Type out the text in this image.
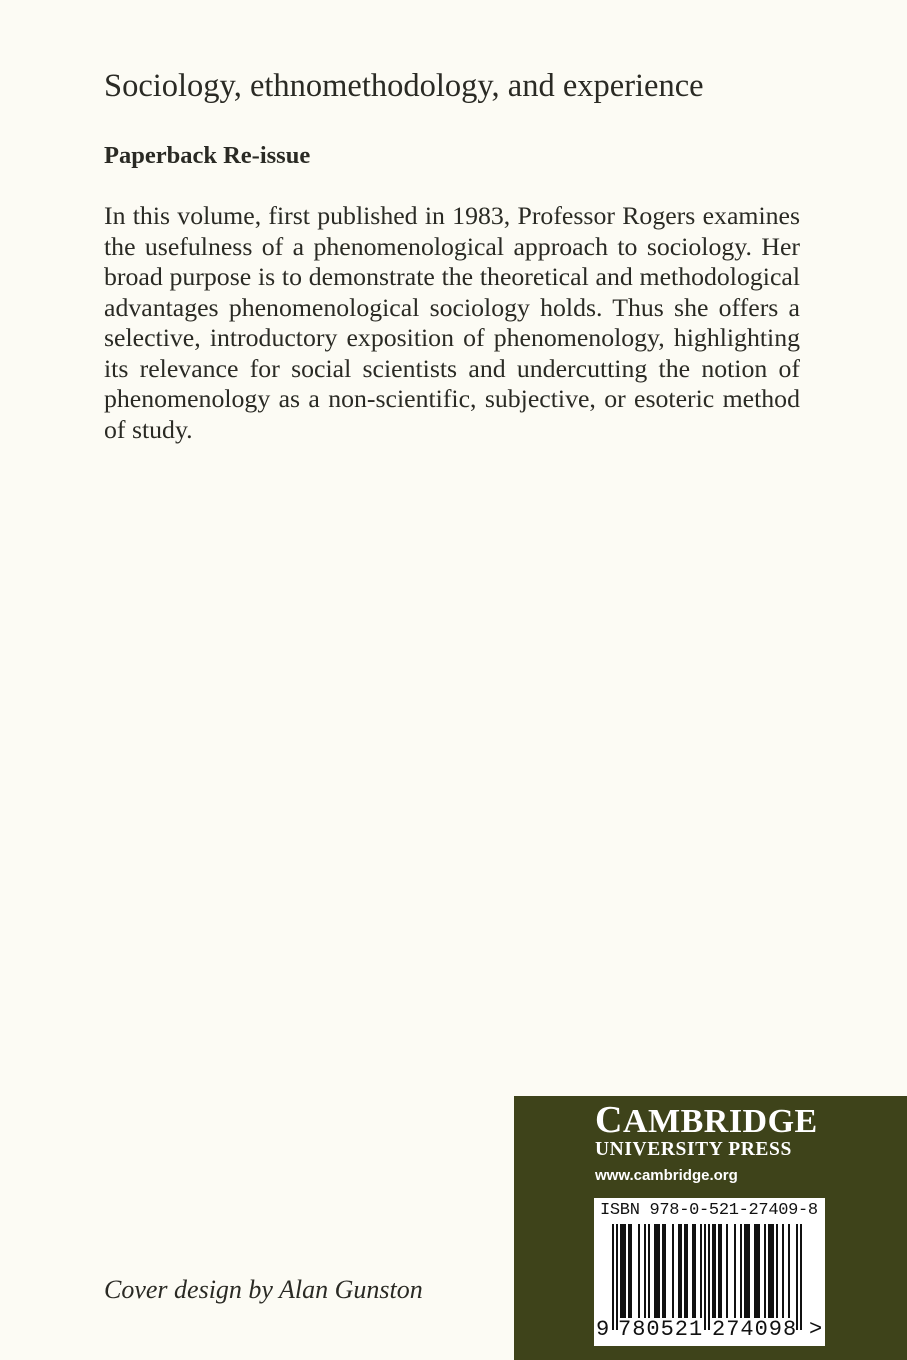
Sociology, ethnomethodology, and experience
Paperback Re-issue
In this volume, first published in 1983, Professor Rogers examines the usefulness of a phenomenological approach to sociology. Her broad purpose is to demonstrate the theoretical and methodological advantages phenomenological sociology holds. Thus she offers a selective, introductory exposition of phenomenology, highlighting its relevance for social scientists and undercutting the notion of phenomenology as a non-scientific, subjective, or esoteric method of study.
Cover design by Alan Gunston
CAMBRIDGE
UNIVERSITY PRESS
www.cambridge.org
ISBN 978-0-521-27409-8
9 780521 274098 >
